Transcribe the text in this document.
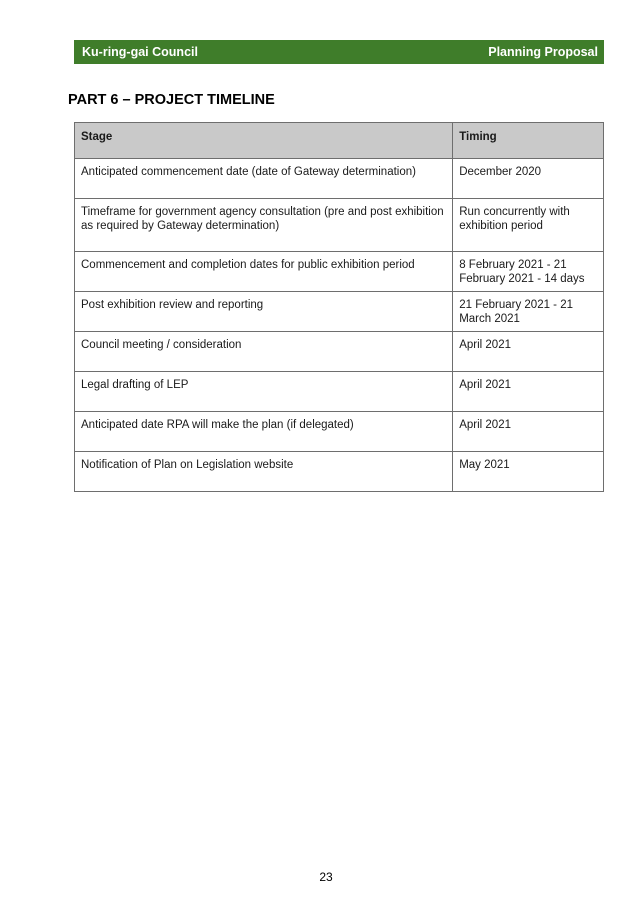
Ku-ring-gai Council	Planning Proposal
PART 6 – PROJECT TIMELINE
Stage	Timing
Anticipated commencement date (date of Gateway determination)	December 2020
Timeframe for government agency consultation (pre and post exhibition as required by Gateway determination)	Run concurrently with exhibition period
Commencement and completion dates for public exhibition period	8 February 2021 - 21 February 2021 - 14 days
Post exhibition review and reporting	21 February 2021 - 21 March 2021
Council meeting / consideration	April 2021
Legal drafting of LEP	April 2021
Anticipated date RPA will make the plan (if delegated)	April 2021
Notification of Plan on Legislation website	May 2021
23
